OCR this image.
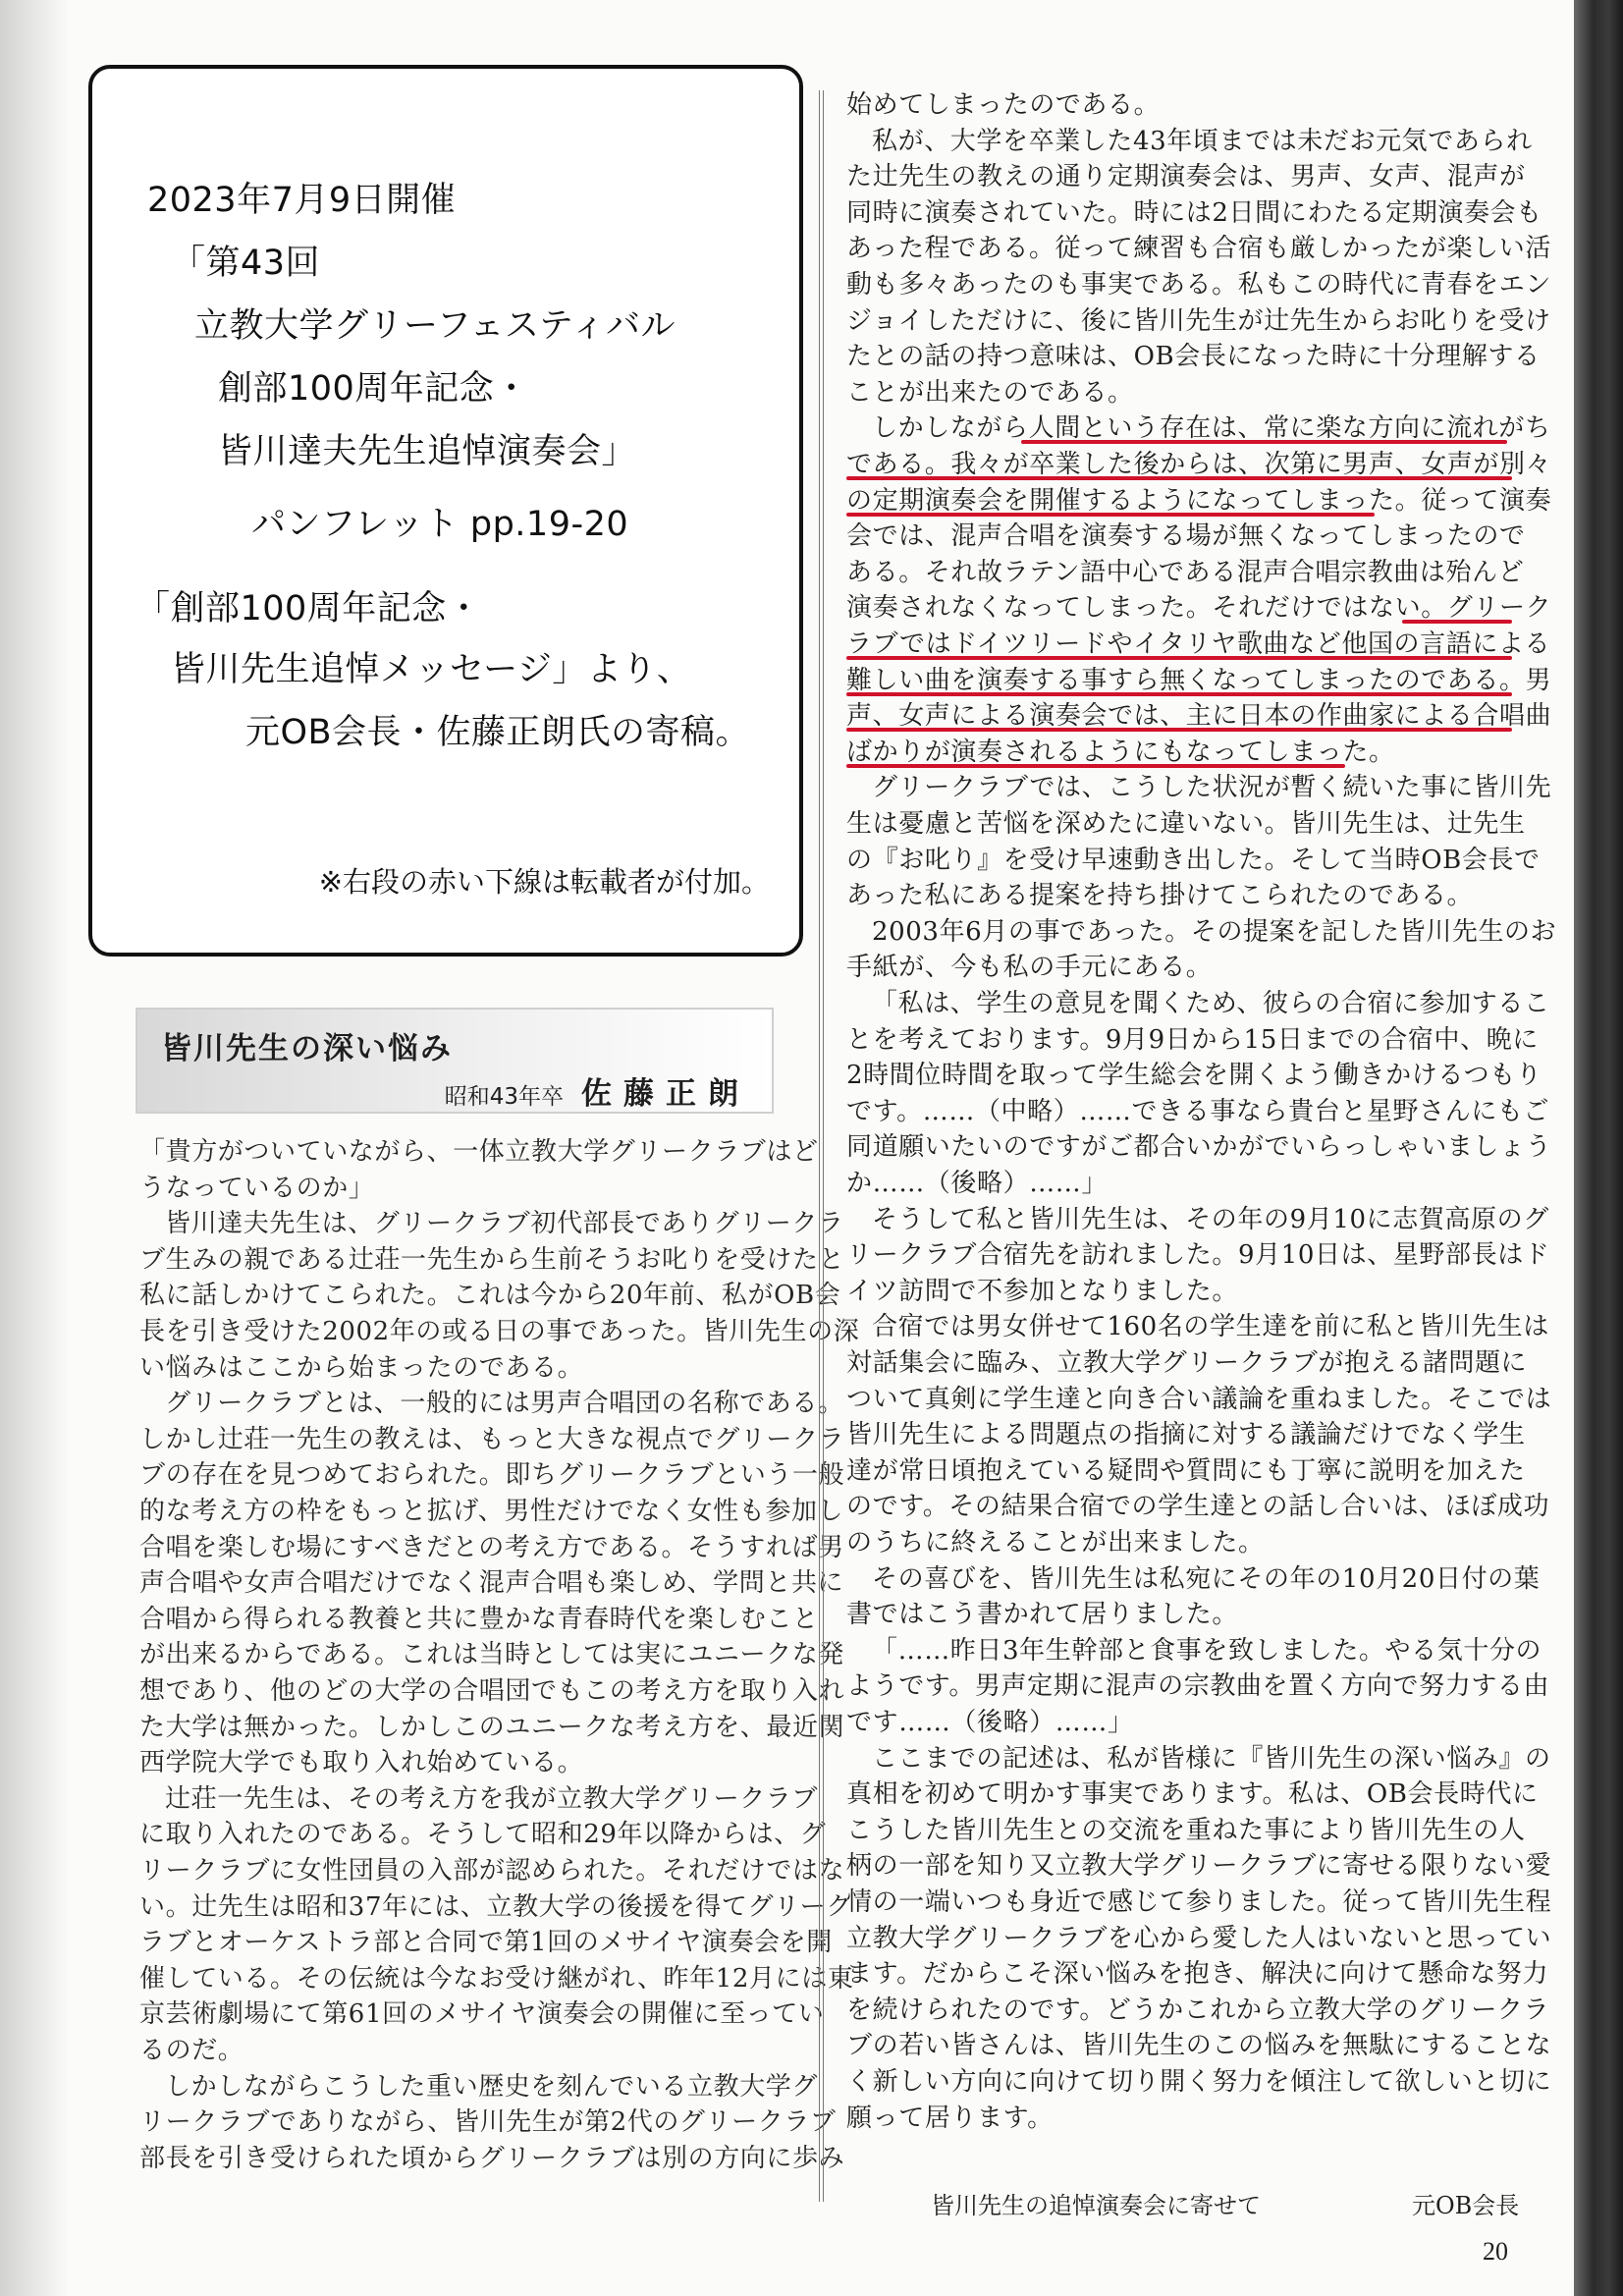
2023年7月9日開催
「第43回
立教大学グリーフェスティバル
創部100周年記念・
皆川達夫先生追悼演奏会」
パンフレット pp.19-20
「創部100周年記念・
皆川先生追悼メッセージ」より、
元OB会長・佐藤正朗氏の寄稿。
※右段の赤い下線は転載者が付加。
皆川先生の深い悩み
昭和43年卒 佐藤正朗
「貴方がついていながら、一体立教大学グリークラブはど
うなっているのか」
皆川達夫先生は、グリークラブ初代部長でありグリークラ
ブ生みの親である辻荘一先生から生前そうお叱りを受けたと
私に話しかけてこられた。これは今から20年前、私がOB会
長を引き受けた2002年の或る日の事であった。皆川先生の深
い悩みはここから始まったのである。
グリークラブとは、一般的には男声合唱団の名称である。
しかし辻荘一先生の教えは、もっと大きな視点でグリークラ
ブの存在を見つめておられた。即ちグリークラブという一般
的な考え方の枠をもっと拡げ、男性だけでなく女性も参加し
合唱を楽しむ場にすべきだとの考え方である。そうすれば男
声合唱や女声合唱だけでなく混声合唱も楽しめ、学問と共に
合唱から得られる教養と共に豊かな青春時代を楽しむこと
が出来るからである。これは当時としては実にユニークな発
想であり、他のどの大学の合唱団でもこの考え方を取り入れ
た大学は無かった。しかしこのユニークな考え方を、最近関
西学院大学でも取り入れ始めている。
辻荘一先生は、その考え方を我が立教大学グリークラブ
に取り入れたのである。そうして昭和29年以降からは、グ
リークラブに女性団員の入部が認められた。それだけではな
い。辻先生は昭和37年には、立教大学の後援を得てグリーク
ラブとオーケストラ部と合同で第1回のメサイヤ演奏会を開
催している。その伝統は今なお受け継がれ、昨年12月には東
京芸術劇場にて第61回のメサイヤ演奏会の開催に至ってい
るのだ。
しかしながらこうした重い歴史を刻んでいる立教大学グ
リークラブでありながら、皆川先生が第2代のグリークラブ
部長を引き受けられた頃からグリークラブは別の方向に歩み
始めてしまったのである。
私が、大学を卒業した43年頃までは未だお元気であられ
た辻先生の教えの通り定期演奏会は、男声、女声、混声が
同時に演奏されていた。時には2日間にわたる定期演奏会も
あった程である。従って練習も合宿も厳しかったが楽しい活
動も多々あったのも事実である。私もこの時代に青春をエン
ジョイしただけに、後に皆川先生が辻先生からお叱りを受け
たとの話の持つ意味は、OB会長になった時に十分理解する
ことが出来たのである。
しかしながら人間という存在は、常に楽な方向に流れがち
である。我々が卒業した後からは、次第に男声、女声が別々
の定期演奏会を開催するようになってしまった。従って演奏
会では、混声合唱を演奏する場が無くなってしまったので
ある。それ故ラテン語中心である混声合唱宗教曲は殆んど
演奏されなくなってしまった。それだけではない。グリーク
ラブではドイツリードやイタリヤ歌曲など他国の言語による
難しい曲を演奏する事すら無くなってしまったのである。男
声、女声による演奏会では、主に日本の作曲家による合唱曲
ばかりが演奏されるようにもなってしまった。
グリークラブでは、こうした状況が暫く続いた事に皆川先
生は憂慮と苦悩を深めたに違いない。皆川先生は、辻先生
の『お叱り』を受け早速動き出した。そして当時OB会長で
あった私にある提案を持ち掛けてこられたのである。
2003年6月の事であった。その提案を記した皆川先生のお
手紙が、今も私の手元にある。
「私は、学生の意見を聞くため、彼らの合宿に参加するこ
とを考えております。9月9日から15日までの合宿中、晩に
2時間位時間を取って学生総会を開くよう働きかけるつもり
です。……（中略）……できる事なら貴台と星野さんにもご
同道願いたいのですがご都合いかがでいらっしゃいましょう
か……（後略）……」
そうして私と皆川先生は、その年の9月10に志賀高原のグ
リークラブ合宿先を訪れました。9月10日は、星野部長はド
イツ訪問で不参加となりました。
合宿では男女併せて160名の学生達を前に私と皆川先生は
対話集会に臨み、立教大学グリークラブが抱える諸問題に
ついて真剣に学生達と向き合い議論を重ねました。そこでは
皆川先生による問題点の指摘に対する議論だけでなく学生
達が常日頃抱えている疑問や質問にも丁寧に説明を加えた
のです。その結果合宿での学生達との話し合いは、ほぼ成功
のうちに終えることが出来ました。
その喜びを、皆川先生は私宛にその年の10月20日付の葉
書ではこう書かれて居りました。
「……昨日3年生幹部と食事を致しました。やる気十分の
ようです。男声定期に混声の宗教曲を置く方向で努力する由
です……（後略）……」
ここまでの記述は、私が皆様に『皆川先生の深い悩み』の
真相を初めて明かす事実であります。私は、OB会長時代に
こうした皆川先生との交流を重ねた事により皆川先生の人
柄の一部を知り又立教大学グリークラブに寄せる限りない愛
情の一端いつも身近で感じて参りました。従って皆川先生程
立教大学グリークラブを心から愛した人はいないと思ってい
ます。だからこそ深い悩みを抱き、解決に向けて懸命な努力
を続けられたのです。どうかこれから立教大学のグリークラ
ブの若い皆さんは、皆川先生のこの悩みを無駄にすることな
く新しい方向に向けて切り開く努力を傾注して欲しいと切に
願って居ります。
皆川先生の追悼演奏会に寄せて	元OB会長
20
